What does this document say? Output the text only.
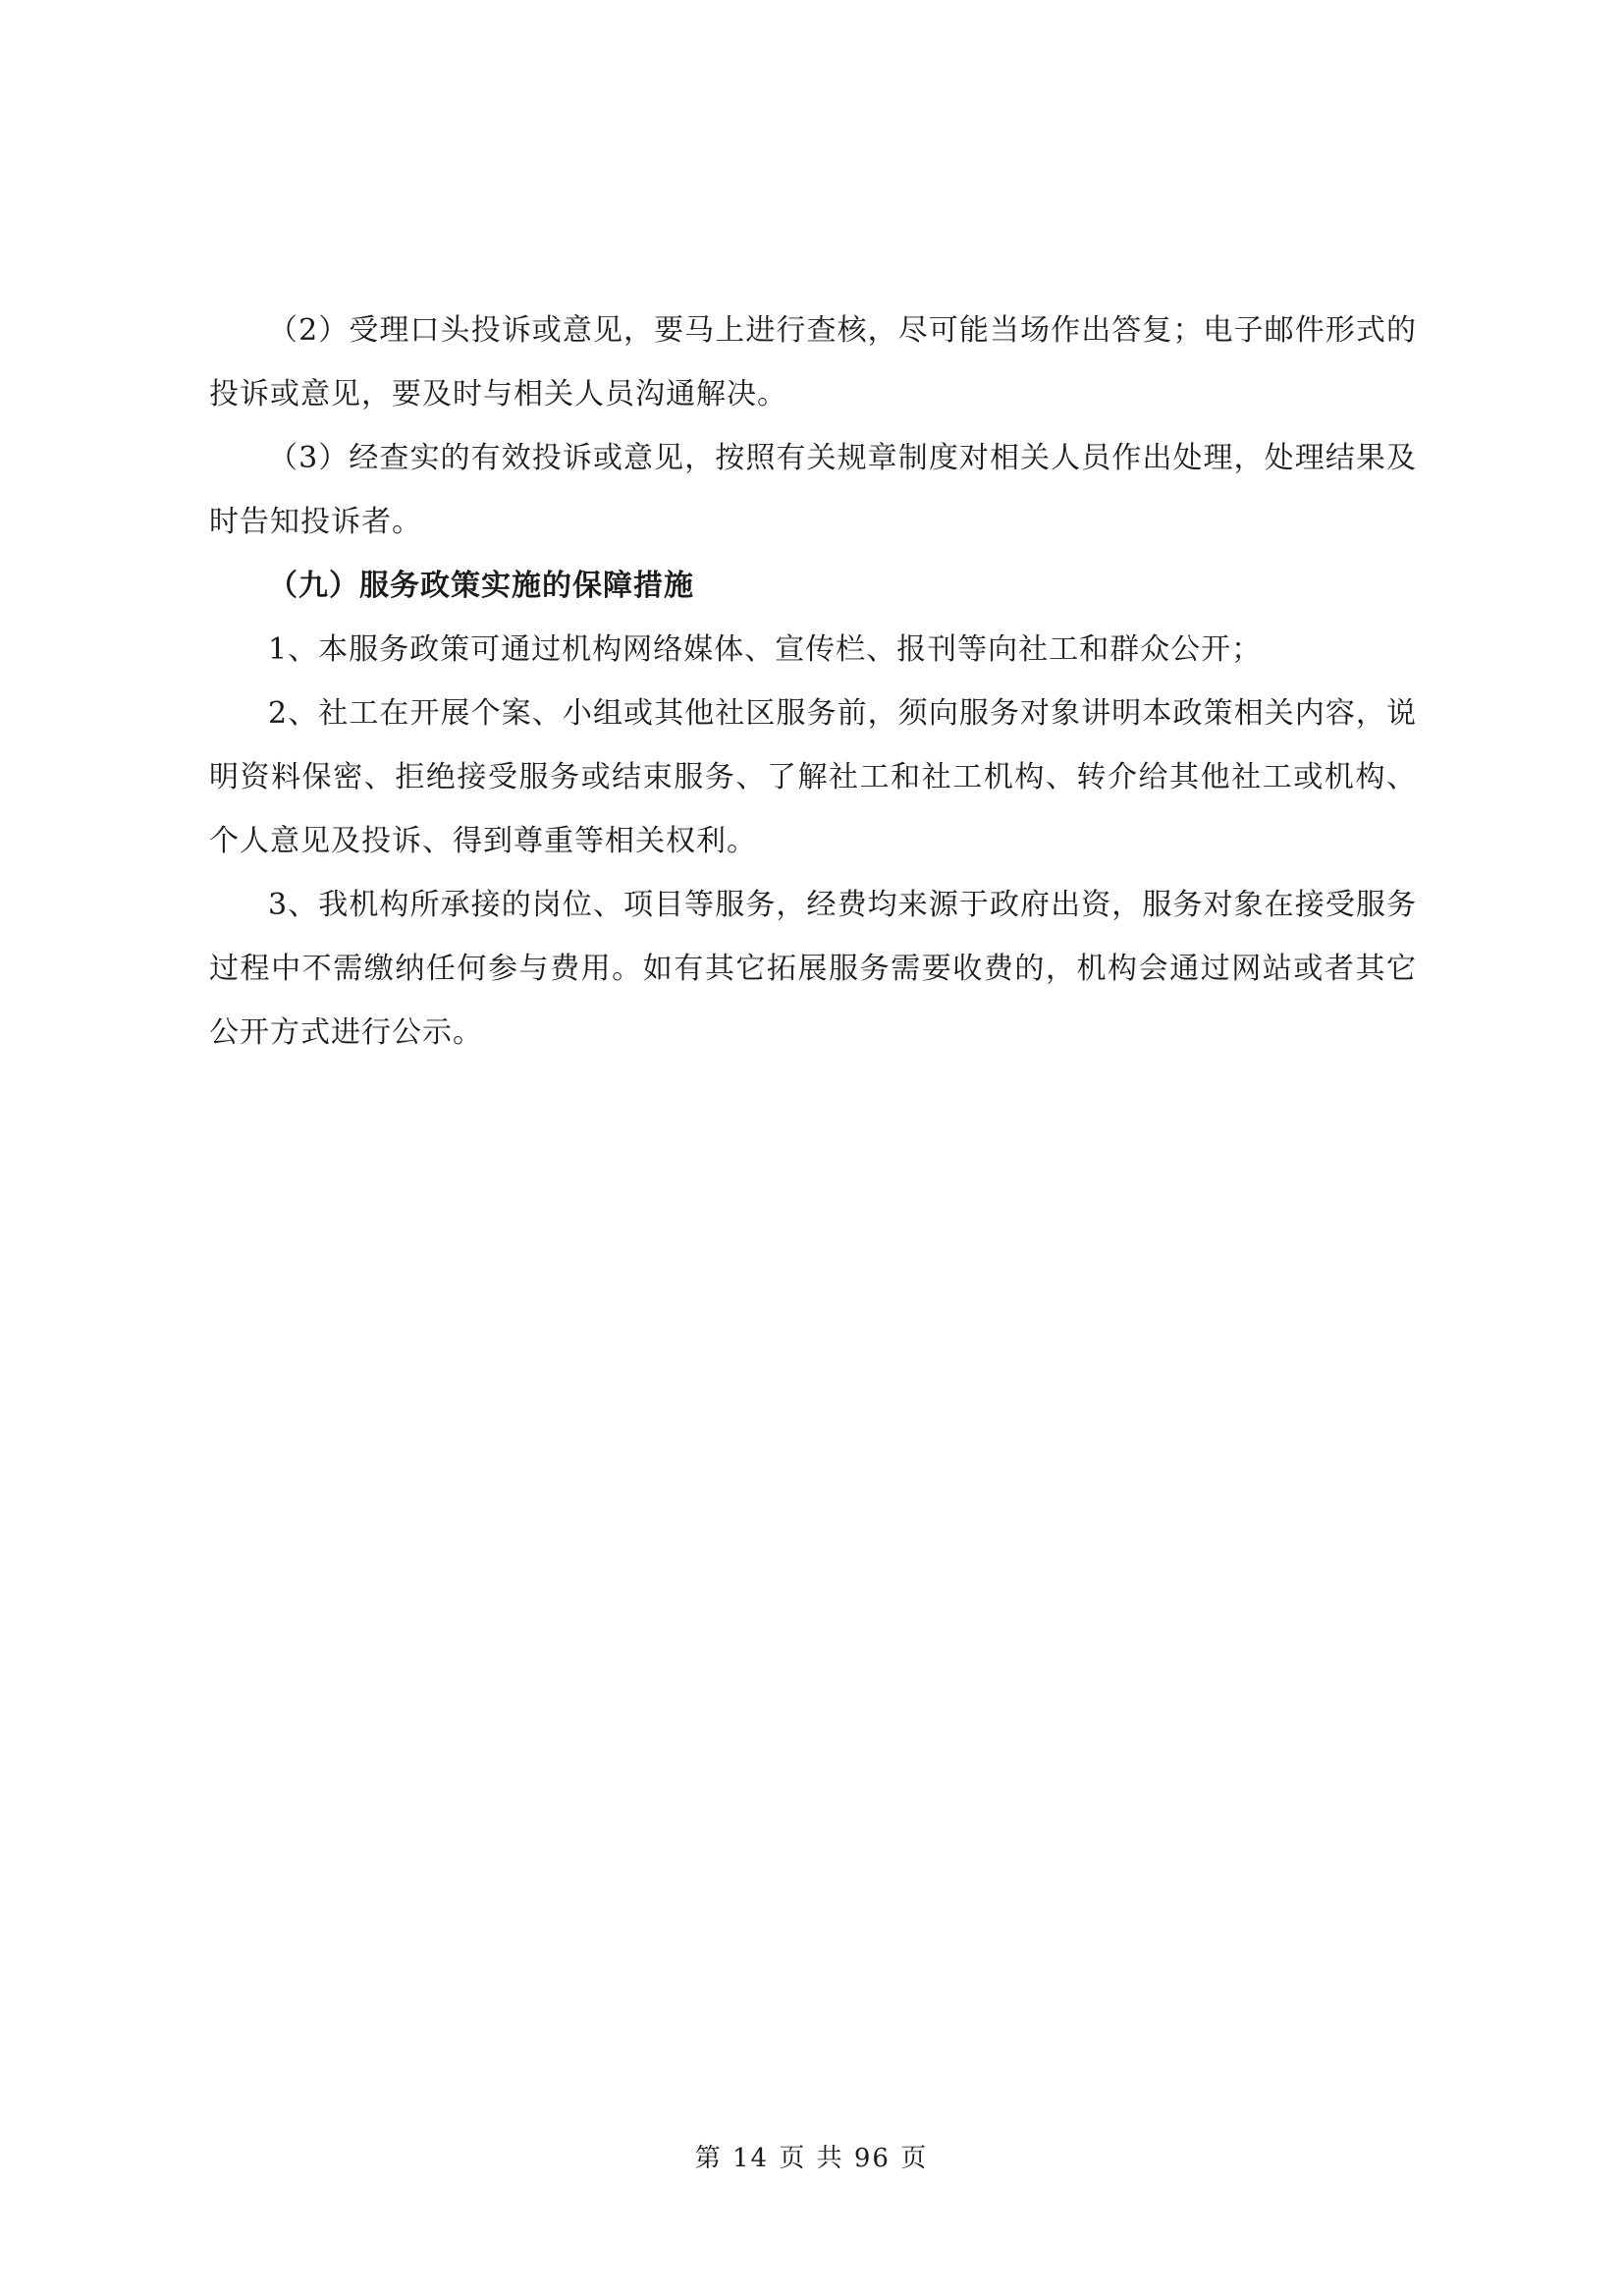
（2）受理口头投诉或意见，要马上进行查核，尽可能当场作出答复；电子邮件形式的投诉或意见，要及时与相关人员沟通解决。

（3）经查实的有效投诉或意见，按照有关规章制度对相关人员作出处理，处理结果及时告知投诉者。

（九）服务政策实施的保障措施

1、本服务政策可通过机构网络媒体、宣传栏、报刊等向社工和群众公开；

2、社工在开展个案、小组或其他社区服务前，须向服务对象讲明本政策相关内容，说明资料保密、拒绝接受服务或结束服务、了解社工和社工机构、转介给其他社工或机构、个人意见及投诉、得到尊重等相关权利。

3、我机构所承接的岗位、项目等服务，经费均来源于政府出资，服务对象在接受服务过程中不需缴纳任何参与费用。如有其它拓展服务需要收费的，机构会通过网站或者其它公开方式进行公示。

第 14 页 共 96 页
